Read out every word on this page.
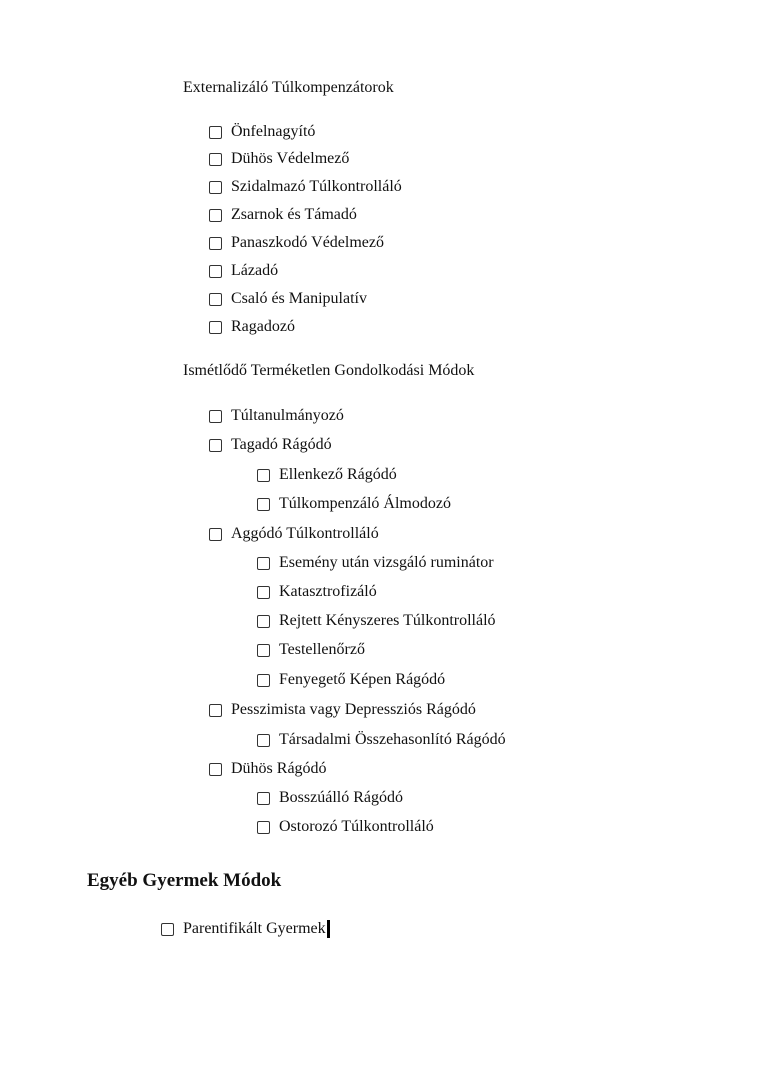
Externalizáló Túlkompenzátorok
Önfelnagyító
Dühös Védelmező
Szidalmazó Túlkontrolláló
Zsarnok és Támadó
Panaszkodó Védelmező
Lázadó
Csaló és Manipulatív
Ragadozó
Ismétlődő Terméketlen Gondolkodási Módok
Túltanulmányozó
Tagadó Rágódó
Ellenkező Rágódó
Túlkompenzáló Álmodozó
Aggódó Túlkontrolláló
Esemény után vizsgáló ruminátor
Katasztrofizáló
Rejtett Kényszeres Túlkontrolláló
Testellenőrző
Fenyegető Képen Rágódó
Pesszimista vagy Depressziós Rágódó
Társadalmi Összehasonlító Rágódó
Dühös Rágódó
Bosszúálló Rágódó
Ostorozó Túlkontrolláló
Egyéb Gyermek Módok
Parentifikált Gyermek
